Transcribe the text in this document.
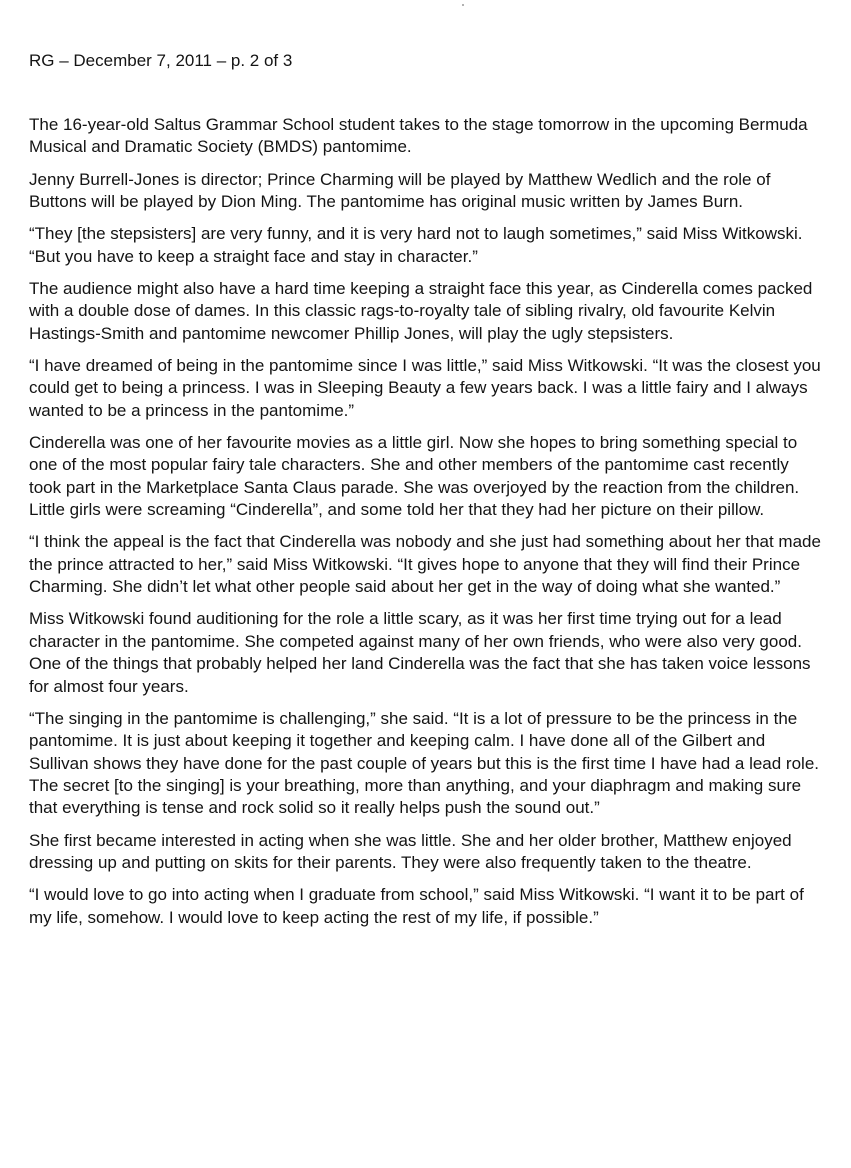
RG – December 7, 2011 – p. 2 of 3

The 16-year-old Saltus Grammar School student takes to the stage tomorrow in the upcoming Bermuda Musical and Dramatic Society (BMDS) pantomime.

Jenny Burrell-Jones is director; Prince Charming will be played by Matthew Wedlich and the role of Buttons will be played by Dion Ming. The pantomime has original music written by James Burn.

“They [the stepsisters] are very funny, and it is very hard not to laugh sometimes,” said Miss Witkowski. “But you have to keep a straight face and stay in character.”

The audience might also have a hard time keeping a straight face this year, as Cinderella comes packed with a double dose of dames. In this classic rags-to-royalty tale of sibling rivalry, old favourite Kelvin Hastings-Smith and pantomime newcomer Phillip Jones, will play the ugly stepsisters.

“I have dreamed of being in the pantomime since I was little,” said Miss Witkowski. “It was the closest you could get to being a princess. I was in Sleeping Beauty a few years back. I was a little fairy and I always wanted to be a princess in the pantomime.”

Cinderella was one of her favourite movies as a little girl. Now she hopes to bring something special to one of the most popular fairy tale characters. She and other members of the pantomime cast recently took part in the Marketplace Santa Claus parade. She was overjoyed by the reaction from the children. Little girls were screaming “Cinderella”, and some told her that they had her picture on their pillow.

“I think the appeal is the fact that Cinderella was nobody and she just had something about her that made the prince attracted to her,” said Miss Witkowski. “It gives hope to anyone that they will find their Prince Charming. She didn’t let what other people said about her get in the way of doing what she wanted.”

Miss Witkowski found auditioning for the role a little scary, as it was her first time trying out for a lead character in the pantomime. She competed against many of her own friends, who were also very good. One of the things that probably helped her land Cinderella was the fact that she has taken voice lessons for almost four years.

“The singing in the pantomime is challenging,” she said. “It is a lot of pressure to be the princess in the pantomime. It is just about keeping it together and keeping calm. I have done all of the Gilbert and Sullivan shows they have done for the past couple of years but this is the first time I have had a lead role. The secret [to the singing] is your breathing, more than anything, and your diaphragm and making sure that everything is tense and rock solid so it really helps push the sound out.”

She first became interested in acting when she was little. She and her older brother, Matthew enjoyed dressing up and putting on skits for their parents. They were also frequently taken to the theatre.

“I would love to go into acting when I graduate from school,” said Miss Witkowski. “I want it to be part of my life, somehow. I would love to keep acting the rest of my life, if possible.”
